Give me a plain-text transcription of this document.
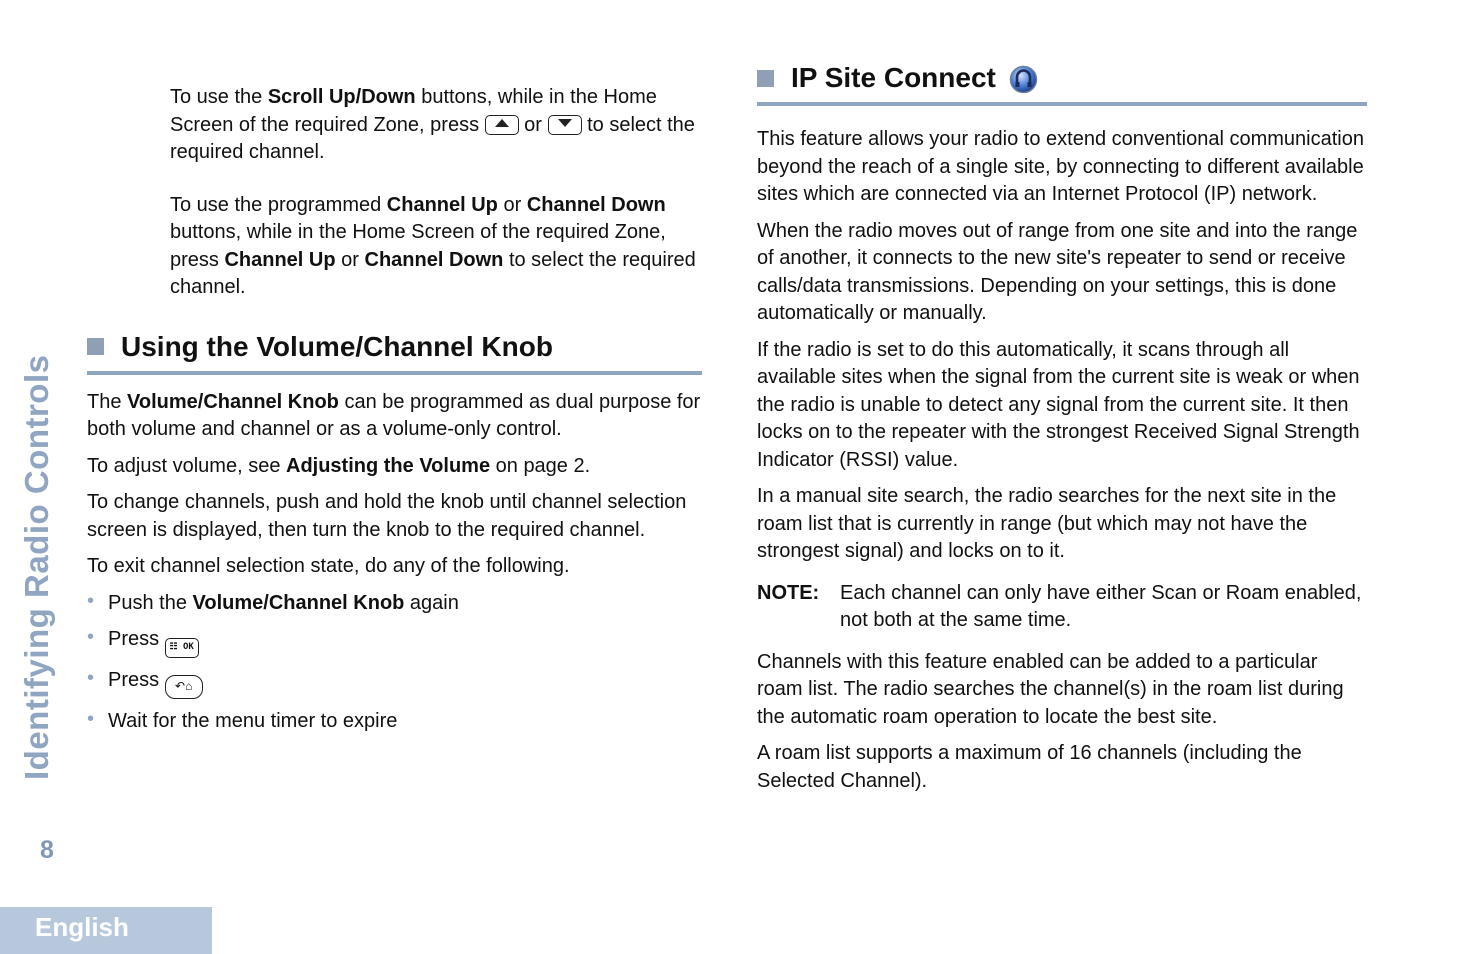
Identifying Radio Controls
8
English

To use the Scroll Up/Down buttons, while in the Home Screen of the required Zone, press
or
to select the required channel.

To use the programmed Channel Up or Channel Down buttons, while in the Home Screen of the required Zone, press Channel Up or Channel Down to select the required channel.

Using the Volume/Channel Knob

The Volume/Channel Knob can be programmed as dual purpose for both volume and channel or as a volume-only control.

To adjust volume, see Adjusting the Volume on page 2.

To change channels, push and hold the knob until channel selection screen is displayed, then turn the knob to the required channel.

To exit channel selection state, do any of the following.

• Push the Volume/Channel Knob again
• Press ☷ OK
• Press ↶⌂
• Wait for the menu timer to expire
IP Site Connect

This feature allows your radio to extend conventional communication beyond the reach of a single site, by connecting to different available sites which are connected via an Internet Protocol (IP) network.

When the radio moves out of range from one site and into the range of another, it connects to the new site's repeater to send or receive calls/data transmissions. Depending on your settings, this is done automatically or manually.

If the radio is set to do this automatically, it scans through all available sites when the signal from the current site is weak or when the radio is unable to detect any signal from the current site. It then locks on to the repeater with the strongest Received Signal Strength Indicator (RSSI) value.

In a manual site search, the radio searches for the next site in the roam list that is currently in range (but which may not have the strongest signal) and locks on to it.

NOTE:	Each channel can only have either Scan or Roam enabled, not both at the same time.

Channels with this feature enabled can be added to a particular roam list. The radio searches the channel(s) in the roam list during the automatic roam operation to locate the best site.

A roam list supports a maximum of 16 channels (including the Selected Channel).
